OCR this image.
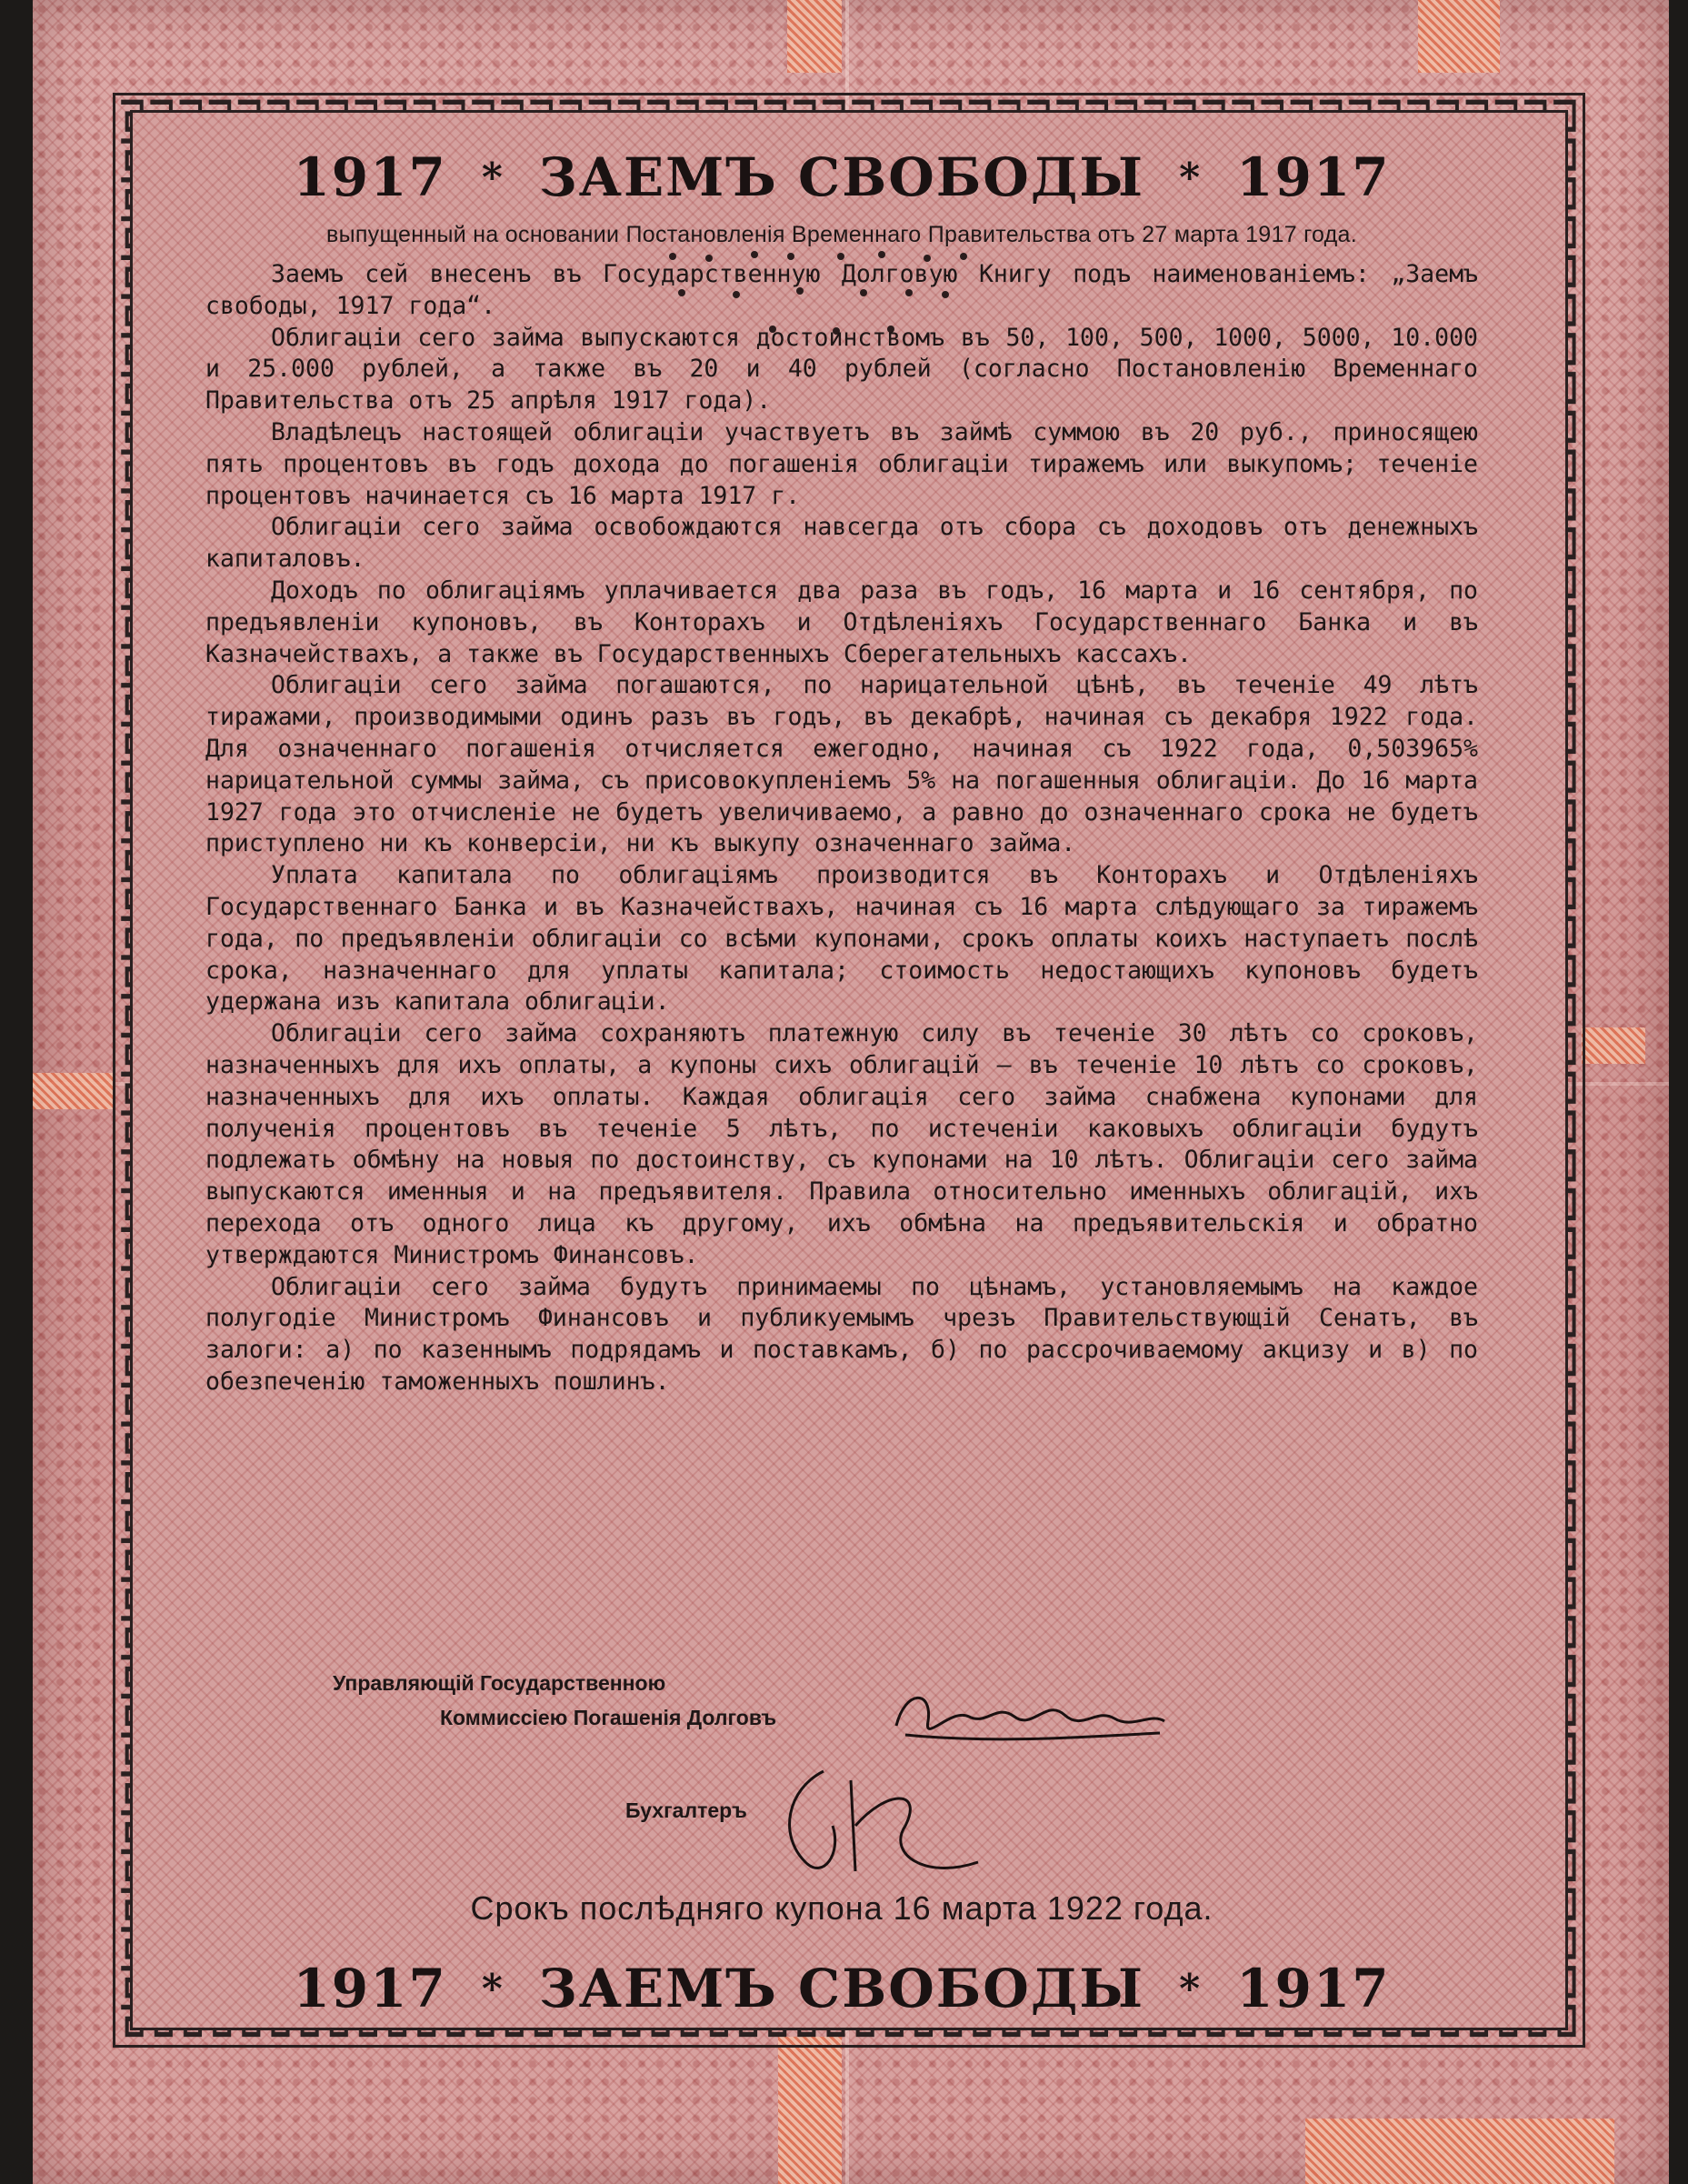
1917 * ЗАЕМЪ СВОБОДЫ * 1917
выпущенный на основании Постановленія Временнаго Правительства отъ 27 марта 1917 года.

Заемъ сей внесенъ въ Государственную Долговую Книгу подъ наименованіемъ: „Заемъ свободы, 1917 года“.

Облигаціи сего займа выпускаются достоинствомъ въ 50, 100, 500, 1000, 5000, 10.000 и 25.000 рублей, а также въ 20 и 40 рублей (согласно Постановленію Временнаго Правительства отъ 25 апрѣля 1917 года).

Владѣлецъ настоящей облигаціи участвуетъ въ займѣ суммою въ 20 руб., приносящею пять процентовъ въ годъ дохода до погашенія облигаціи тиражемъ или выкупомъ; теченіе процентовъ начинается съ 16 марта 1917 г.

Облигаціи сего займа освобождаются навсегда отъ сбора съ доходовъ отъ денежныхъ капиталовъ.

Доходъ по облигаціямъ уплачивается два раза въ годъ, 16 марта и 16 сентября, по предъявленіи купоновъ, въ Конторахъ и Отдѣленіяхъ Государственнаго Банка и въ Казначействахъ, а также въ Государственныхъ Сберегательныхъ кассахъ.

Облигаціи сего займа погашаются, по нарицательной цѣнѣ, въ теченіе 49 лѣтъ тиражами, производимыми одинъ разъ въ годъ, въ декабрѣ, начиная съ декабря 1922 года. Для означеннаго погашенія отчисляется ежегодно, начиная съ 1922 года, 0,503965% нарицательной суммы займа, съ присовокупленіемъ 5% на погашенныя облигаціи. До 16 марта 1927 года это отчисленіе не будетъ увеличиваемо, а равно до означеннаго срока не будетъ приступлено ни къ конверсіи, ни къ выкупу означеннаго займа.

Уплата капитала по облигаціямъ производится въ Конторахъ и Отдѣленіяхъ Государственнаго Банка и въ Казначействахъ, начиная съ 16 марта слѣдующаго за тиражемъ года, по предъявленіи облигаціи со всѣми купонами, срокъ оплаты коихъ наступаетъ послѣ срока, назначеннаго для уплаты капитала; стоимость недостающихъ купоновъ будетъ удержана изъ капитала облигаціи.

Облигаціи сего займа сохраняютъ платежную силу въ теченіе 30 лѣтъ со сроковъ, назначенныхъ для ихъ оплаты, а купоны сихъ облигацій — въ теченіе 10 лѣтъ со сроковъ, назначенныхъ для ихъ оплаты. Каждая облигація сего займа снабжена купонами для полученія процентовъ въ теченіе 5 лѣтъ, по истеченіи каковыхъ облигаціи будутъ подлежать обмѣну на новыя по достоинству, съ купонами на 10 лѣтъ. Облигаціи сего займа выпускаются именныя и на предъявителя. Правила относительно именныхъ облигацій, ихъ перехода отъ одного лица къ другому, ихъ обмѣна на предъявительскія и обратно утверждаются Министромъ Финансовъ.

Облигаціи сего займа будутъ принимаемы по цѣнамъ, установляемымъ на каждое полугодіе Министромъ Финансовъ и публикуемымъ чрезъ Правительствующій Сенатъ, въ залоги: а) по казеннымъ подрядамъ и поставкамъ, б) по рассрочиваемому акцизу и в) по обезпеченію таможенныхъ пошлинъ.

Управляющій Государственною
Коммиссіею Погашенія Долговъ
Бухгалтеръ
Срокъ послѣдняго купона 16 марта 1922 года.
1917 * ЗАЕМЪ СВОБОДЫ * 1917
